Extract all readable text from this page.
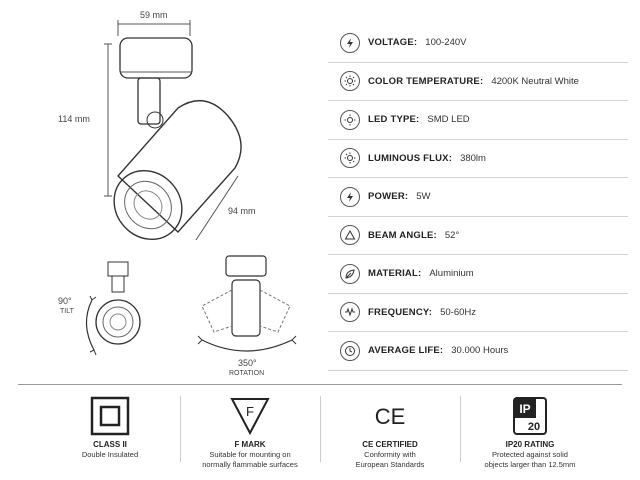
59 mm
114 mm
94 mm
90°
TILT
350°
ROTATION
VOLTAGE: 100-240V
COLOR TEMPERATURE: 4200K Neutral White
LED TYPE: SMD LED
LUMINOUS FLUX: 380lm
POWER: 5W
BEAM ANGLE: 52°
MATERIAL: Aluminium
FREQUENCY: 50-60Hz
AVERAGE LIFE: 30.000 Hours

CLASS II

Double Insulated

F

F MARK

Suitable for mounting on

normally flammable surfaces

CE

CE CERTIFIED

Conformity with

European Standards

IP
20

IP20 RATING

Protected against solid

objects larger than 12.5mm
